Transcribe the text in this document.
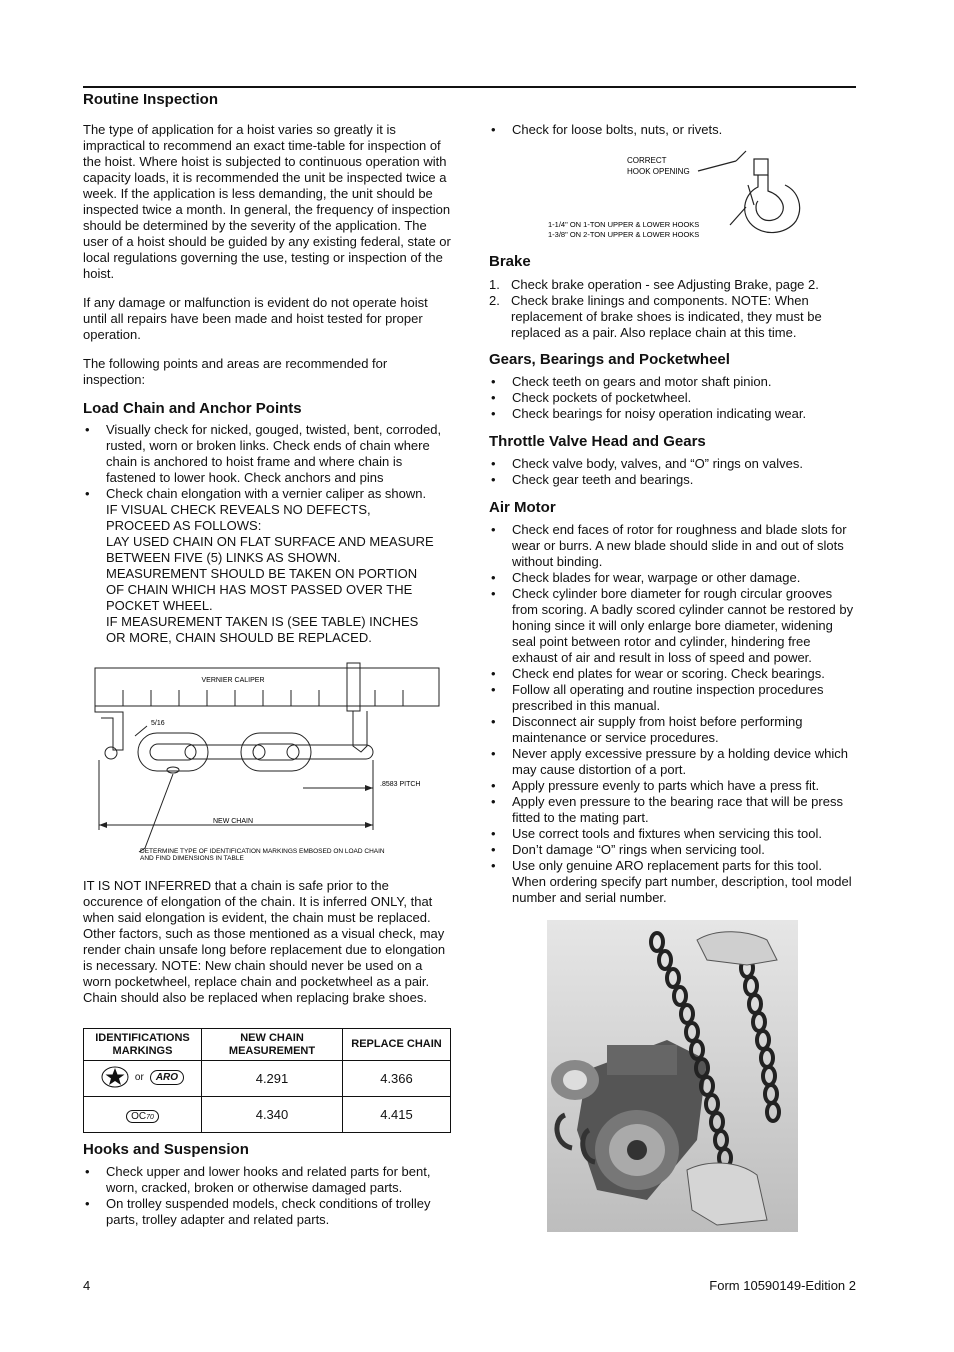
Routine Inspection

The type of application for a hoist varies so greatly it is impractical to recommend an exact time-table for inspection of the hoist. Where hoist is subjected to continuous operation with capacity loads, it is recommended the unit be inspected twice a week. If the application is less demanding, the unit should be inspected twice a month. In general, the frequency of inspection should be determined by the severity of the application. The user of a hoist should be guided by any existing federal, state or local regulations governing the use, testing or inspection of the hoist.

If any damage or malfunction is evident do not operate hoist until all repairs have been made and hoist tested for proper operation.

The following points and areas are recommended for inspection:

Load Chain and Anchor Points
• Visually check for nicked, gouged, twisted, bent, corroded, rusted, worn or broken links. Check ends of chain where chain is anchored to hoist frame and where chain is fastened to lower hook. Check anchors and pins
• Check chain elongation with a vernier caliper as shown.
IF VISUAL CHECK REVEALS NO DEFECTS,
PROCEED AS FOLLOWS:
LAY USED CHAIN ON FLAT SURFACE AND MEASURE
BETWEEN FIVE (5) LINKS AS SHOWN.
MEASUREMENT SHOULD BE TAKEN ON PORTION
OF CHAIN WHICH HAS MOST PASSED OVER THE
POCKET WHEEL.
IF MEASUREMENT TAKEN IS (SEE TABLE) INCHES
OR MORE, CHAIN SHOULD BE REPLACED.
VERNIER CALIPER
5/16
.8583 PITCH
NEW CHAIN
DETERMINE TYPE OF IDENTIFICATION MARKINGS EMBOSED ON LOAD CHAIN
AND FIND DIMENSIONS IN TABLE

IT IS NOT INFERRED that a chain is safe prior to the occurence of elongation of the chain. It is inferred ONLY, that when said elongation is evident, the chain must be replaced. Other factors, such as those mentioned as a visual check, may render chain unsafe long before replacement due to elongation is necessary. NOTE: New chain should never be used on a worn pocketwheel, replace chain and pocketwheel as a pair. Chain should also be replaced when replacing brake shoes.

IDENTIFICATIONS MARKINGS	NEW CHAIN MEASUREMENT	REPLACE CHAIN

or ARO	4.291	4.366
OC70	4.340	4.415
Hooks and Suspension
• Check upper and lower hooks and related parts for bent, worn, cracked, broken or otherwise damaged parts.
• On trolley suspended models, check conditions of trolley parts, trolley adapter and related parts.
• Check for loose bolts, nuts, or rivets.
CORRECT
HOOK OPENING
1-1/4" ON 1-TON UPPER & LOWER HOOKS
1-3/8" ON 2-TON UPPER & LOWER HOOKS
Brake
1. Check brake operation - see Adjusting Brake, page 2.
2. Check brake linings and components. NOTE: When replacement of brake shoes is indicated, they must be replaced as a pair. Also replace chain at this time.
Gears, Bearings and Pocketwheel
• Check teeth on gears and motor shaft pinion.
• Check pockets of pocketwheel.
• Check bearings for noisy operation indicating wear.
Throttle Valve Head and Gears
• Check valve body, valves, and “O” rings on valves.
• Check gear teeth and bearings.
Air Motor
• Check end faces of rotor for roughness and blade slots for wear or burrs. A new blade should slide in and out of slots without binding.
• Check blades for wear, warpage or other damage.
• Check cylinder bore diameter for rough circular grooves from scoring. A badly scored cylinder cannot be restored by honing since it will only enlarge bore diameter, widening seal point between rotor and cylinder, hindering free exhaust of air and result in loss of speed and power.
• Check end plates for wear or scoring. Check bearings.
• Follow all operating and routine inspection procedures prescribed in this manual.
• Disconnect air supply from hoist before performing maintenance or service procedures.
• Never apply excessive pressure by a holding device which may cause distortion of a port.
• Apply pressure evenly to parts which have a press fit.
• Apply even pressure to the bearing race that will be press fitted to the mating part.
• Use correct tools and fixtures when servicing this tool.
• Don’t damage “O” rings when servicing tool.
• Use only genuine ARO replacement parts for this tool. When ordering specify part number, description, tool model number and serial number.
4	Form 10590149-Edition 2
